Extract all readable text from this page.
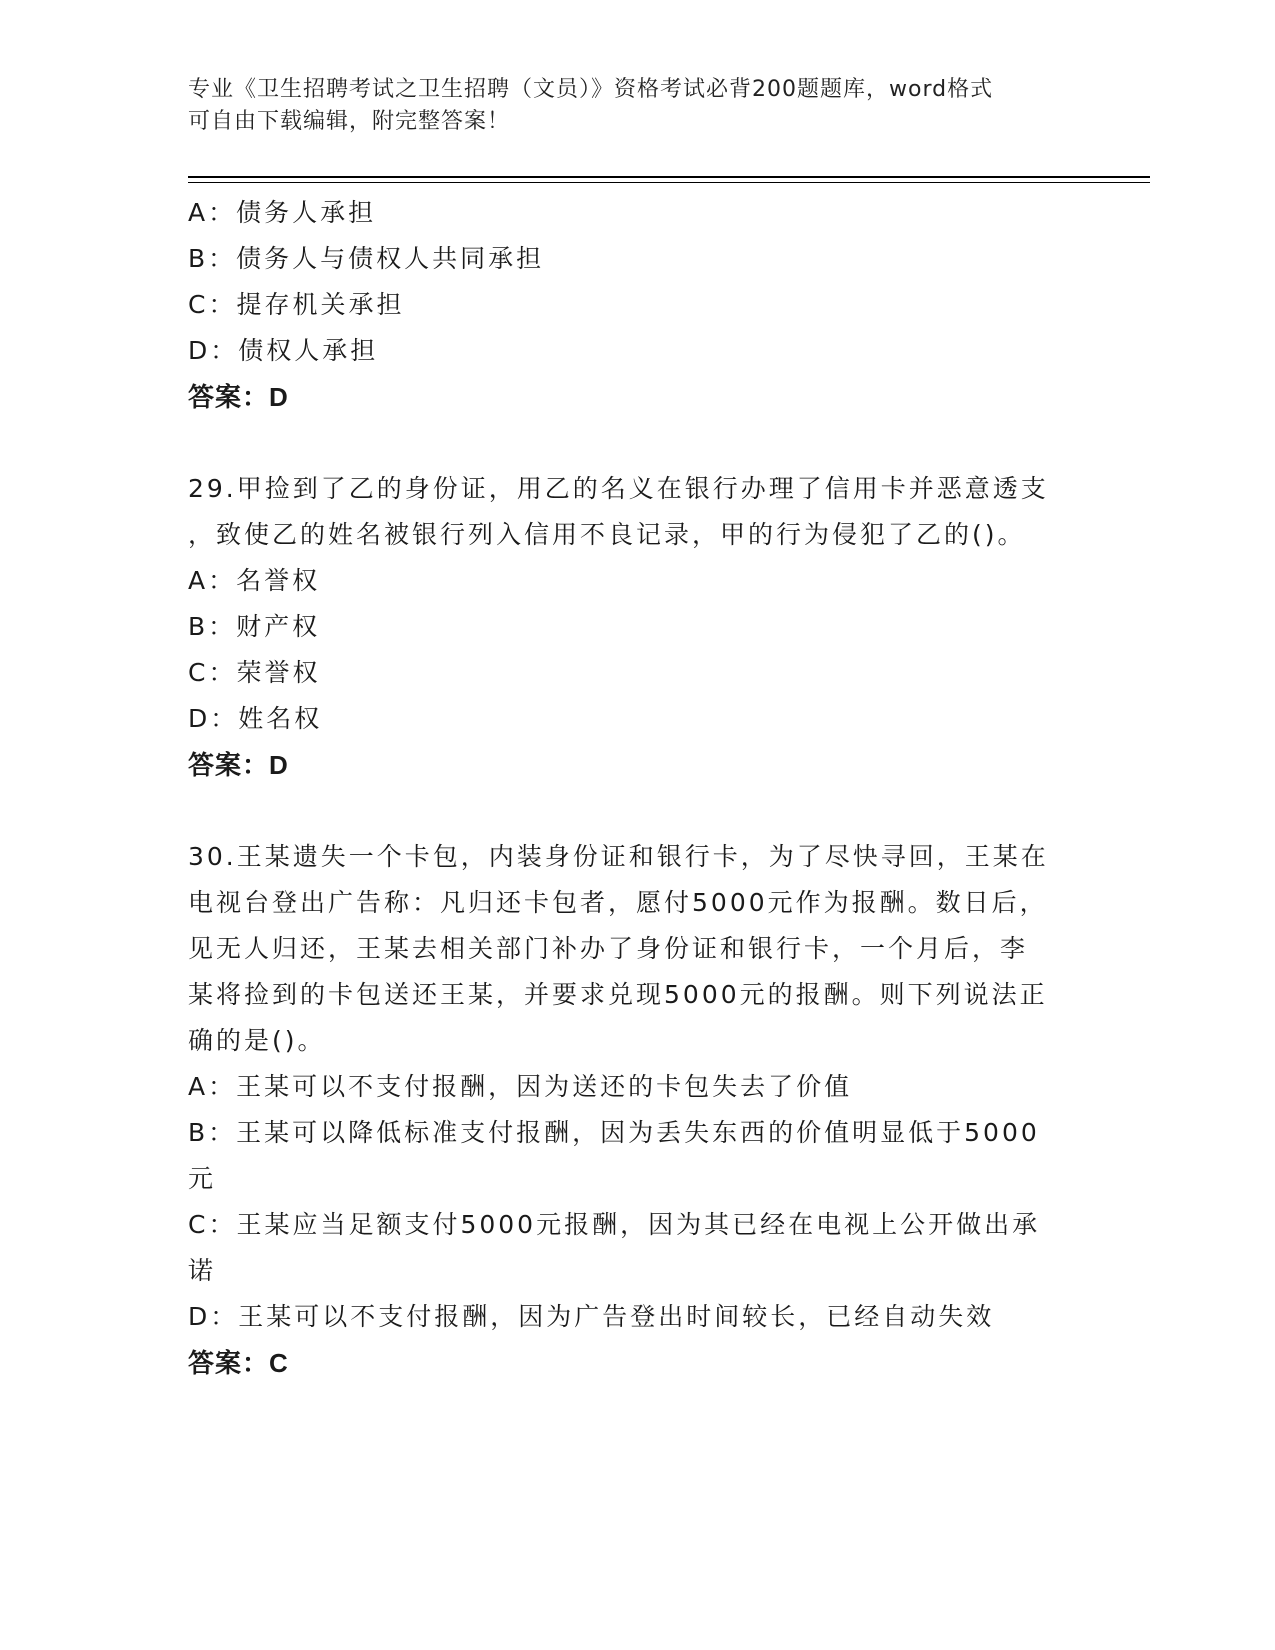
专业《卫生招聘考试之卫生招聘（文员）》资格考试必背200题题库，word格式
可自由下载编辑，附完整答案！
A：债务人承担
B：债务人与债权人共同承担
C：提存机关承担
D：债权人承担
答案：D
29.甲捡到了乙的身份证，用乙的名义在银行办理了信用卡并恶意透支
，致使乙的姓名被银行列入信用不良记录，甲的行为侵犯了乙的()。
A：名誉权
B：财产权
C：荣誉权
D：姓名权
答案：D
30.王某遗失一个卡包，内装身份证和银行卡，为了尽快寻回，王某在
电视台登出广告称：凡归还卡包者，愿付5000元作为报酬。数日后，
见无人归还，王某去相关部门补办了身份证和银行卡，一个月后，李
某将捡到的卡包送还王某，并要求兑现5000元的报酬。则下列说法正
确的是()。
A：王某可以不支付报酬，因为送还的卡包失去了价值
B：王某可以降低标准支付报酬，因为丢失东西的价值明显低于5000
元
C：王某应当足额支付5000元报酬，因为其已经在电视上公开做出承
诺
D：王某可以不支付报酬，因为广告登出时间较长，已经自动失效
答案：C
